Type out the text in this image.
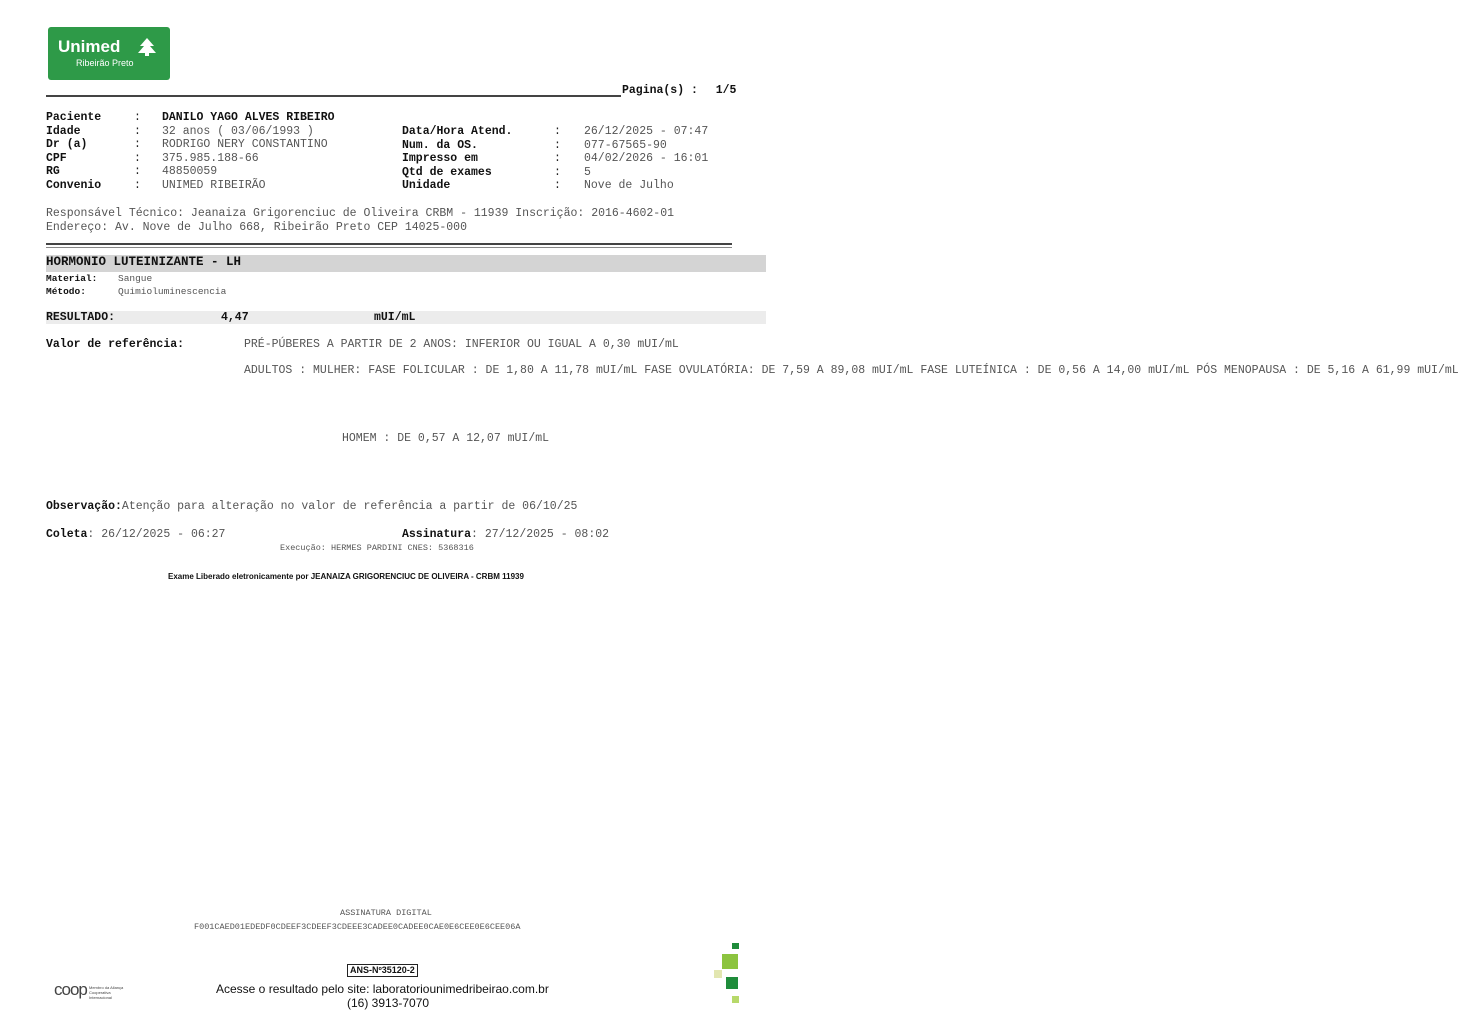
Unimed
Ribeirão Preto
Pagina(s) : 1/5
Paciente	: DANILO YAGO ALVES RIBEIRO
Idade	: 32 anos ( 03/06/1993 )
Dr (a)	: RODRIGO NERY CONSTANTINO
CPF	: 375.985.188-66
RG	: 48850059
Convenio	: UNIMED RIBEIRÃO
Data/Hora Atend.	: 26/12/2025 - 07:47
Num. da OS.	: 077-67565-90
Impresso em	: 04/02/2026 - 16:01
Qtd de exames	: 5
Unidade	: Nove de Julho
Responsável Técnico: Jeanaiza Grigorenciuc de Oliveira CRBM - 11939 Inscrição: 2016-4602-01
Endereço: Av. Nove de Julho 668, Ribeirão Preto CEP 14025-000
HORMONIO LUTEINIZANTE - LH
Material: Sangue
Método:	Quimioluminescencia
RESULTADO:	4,47	mUI/mL
Valor de referência:	PRÉ-PÚBERES A PARTIR DE 2 ANOS: INFERIOR OU IGUAL A 0,30 mUI/mL
ADULTOS : MULHER: FASE FOLICULAR : DE 1,80 A 11,78 mUI/mL FASE OVULATÓRIA: DE 7,59 A 89,08 mUI/mL FASE LUTEÍNICA : DE 0,56 A 14,00 mUI/mL PÓS MENOPAUSA : DE 5,16 A 61,99 mUI/mL
HOMEM : DE 0,57 A 12,07 mUI/mL
Observação:Atenção para alteração no valor de referência a partir de 06/10/25
Coleta: 26/12/2025 - 06:27	Assinatura: 27/12/2025 - 08:02
Execução: HERMES PARDINI CNES: 5368316
Exame Liberado eletronicamente por JEANAIZA GRIGORENCIUC DE OLIVEIRA - CRBM 11939
ASSINATURA DIGITAL
F001CAED01EDEDF0CDEEF3CDEEF3CDEEE3CADEE0CADEE0CAE0E6CEE0E6CEE06A
ANS-Nº35120-2
coop Membro da Aliança Cooperativa Internacional
Acesse o resultado pelo site: laboratoriounimedribeirao.com.br
(16) 3913-7070
